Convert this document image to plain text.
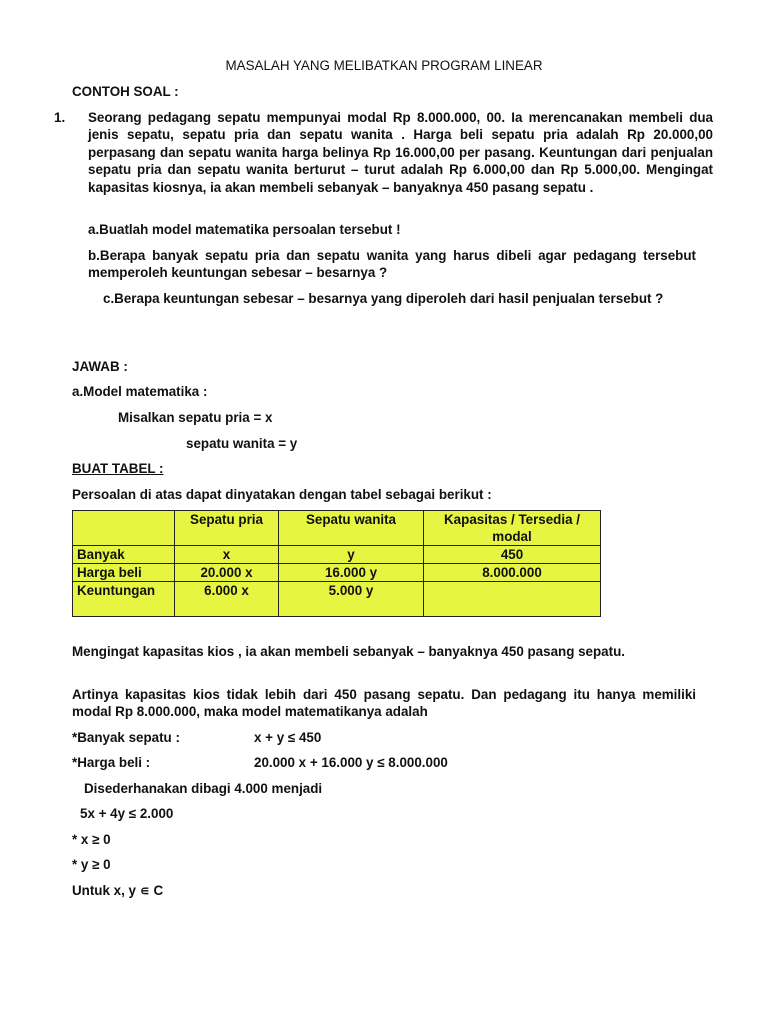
MASALAH YANG MELIBATKAN PROGRAM LINEAR
CONTOH SOAL :
1. Seorang pedagang sepatu mempunyai modal Rp 8.000.000, 00. Ia merencanakan membeli dua jenis sepatu, sepatu pria dan sepatu wanita . Harga beli sepatu pria adalah Rp 20.000,00 perpasang dan sepatu wanita harga belinya Rp 16.000,00 per pasang. Keuntungan dari penjualan sepatu pria dan sepatu wanita berturut – turut adalah Rp 6.000,00 dan Rp 5.000,00. Mengingat kapasitas kiosnya, ia akan membeli sebanyak – banyaknya 450 pasang sepatu .
a.Buatlah model matematika persoalan tersebut !
b.Berapa banyak sepatu pria dan sepatu wanita yang harus dibeli agar pedagang tersebut memperoleh keuntungan sebesar – besarnya ?
c.Berapa keuntungan sebesar – besarnya yang diperoleh dari hasil penjualan tersebut ?
JAWAB :
a.Model matematika :
Misalkan sepatu pria = x
sepatu wanita = y
BUAT TABEL :
Persoalan di atas dapat dinyatakan dengan tabel sebagai berikut :
	Sepatu pria	Sepatu wanita	Kapasitas / Tersedia / modal
Banyak	x	y	450
Harga beli	20.000 x	16.000 y	8.000.000
Keuntungan	6.000 x	5.000 y	
Mengingat kapasitas kios , ia akan membeli sebanyak – banyaknya 450 pasang sepatu.
Artinya kapasitas kios tidak lebih dari 450 pasang sepatu. Dan pedagang itu hanya memiliki modal Rp 8.000.000, maka model matematikanya adalah
*Banyak sepatu :	x + y ≤ 450
*Harga beli :	20.000 x + 16.000 y ≤ 8.000.000
Disederhanakan dibagi 4.000 menjadi
5x + 4y ≤ 2.000
* x ≥ 0
* y ≥ 0
Untuk x, y ∊ C
